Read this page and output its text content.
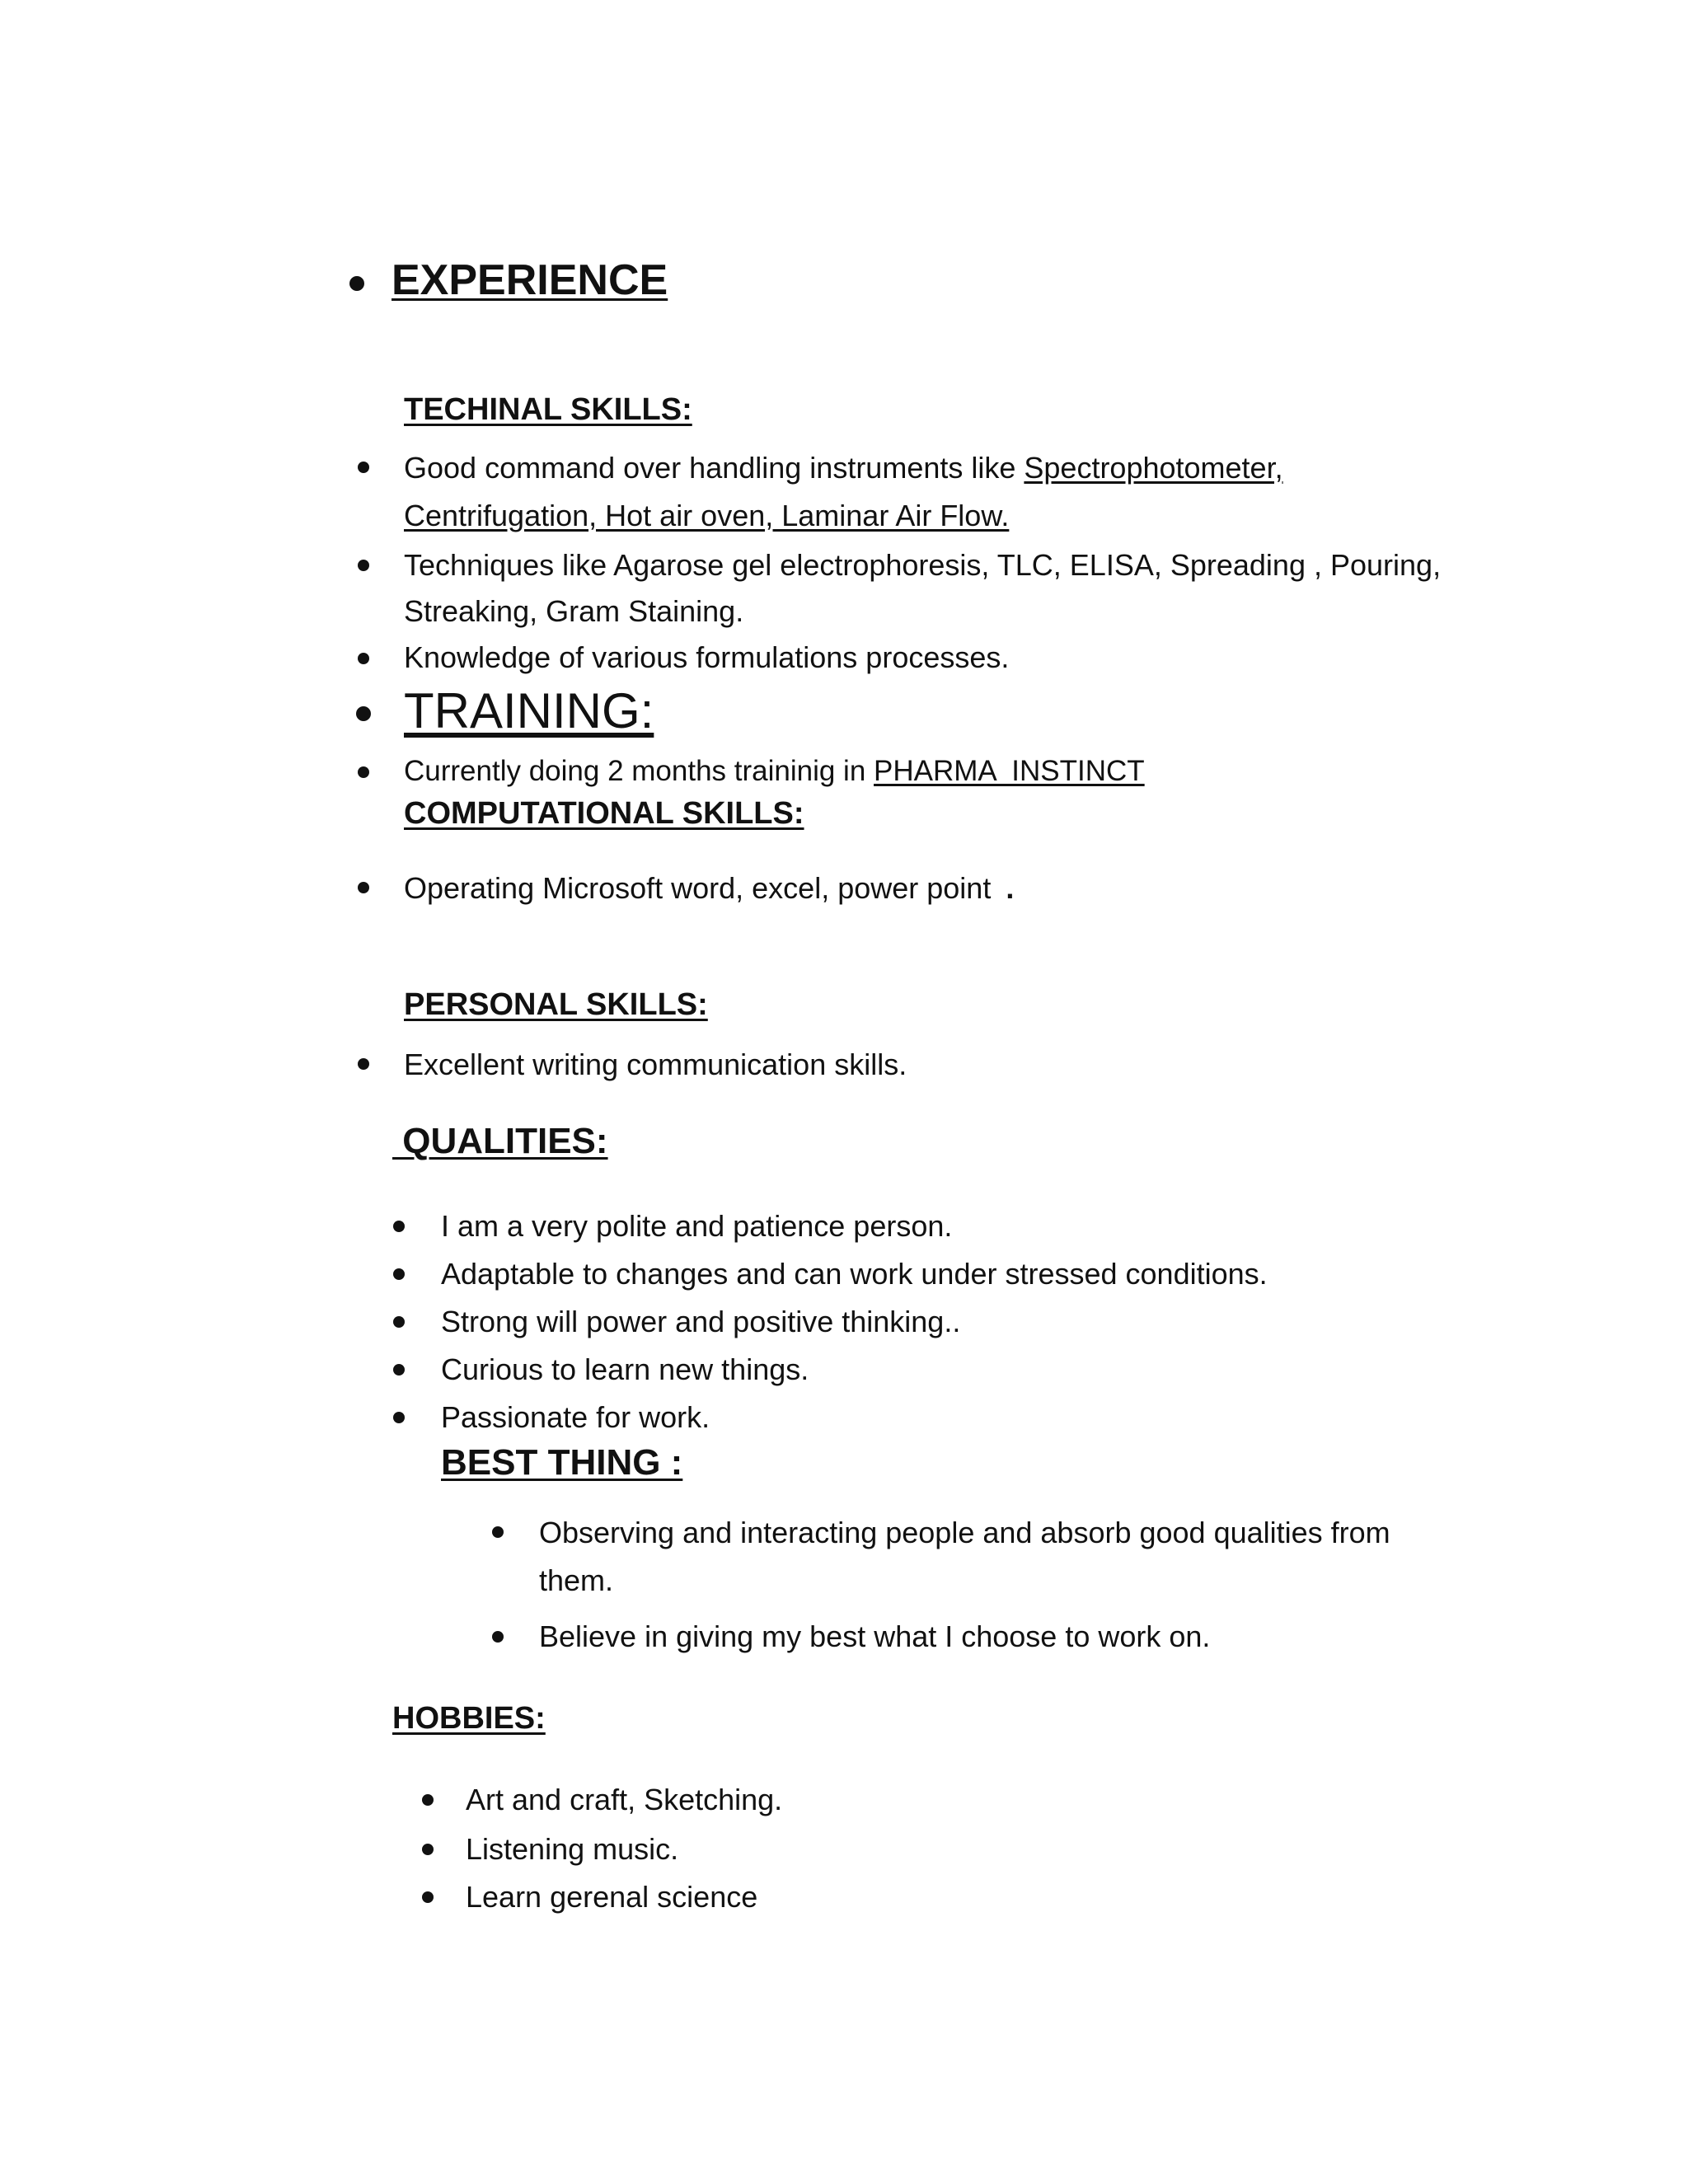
EXPERIENCE
TECHINAL SKILLS:
Good command over handling instruments like Spectrophotometer,
Centrifugation, Hot air oven, Laminar Air Flow.
Techniques like Agarose gel electrophoresis, TLC, ELISA, Spreading , Pouring,
Streaking, Gram Staining.
Knowledge of various formulations processes.
TRAINING:
Currently doing 2 months traininig in PHARMA  INSTINCT
COMPUTATIONAL SKILLS:
Operating Microsoft word, excel, power point .
PERSONAL SKILLS:
Excellent writing communication skills.
QUALITIES:
I am a very polite and patience person.
Adaptable to changes and can work under stressed conditions.
Strong will power and positive thinking..
Curious to learn new things.
Passionate for work.
BEST THING :
Observing and interacting people and absorb good qualities from
them.
Believe in giving my best what I choose to work on.
HOBBIES:
Art and craft, Sketching.
Listening music.
Learn gerenal science
